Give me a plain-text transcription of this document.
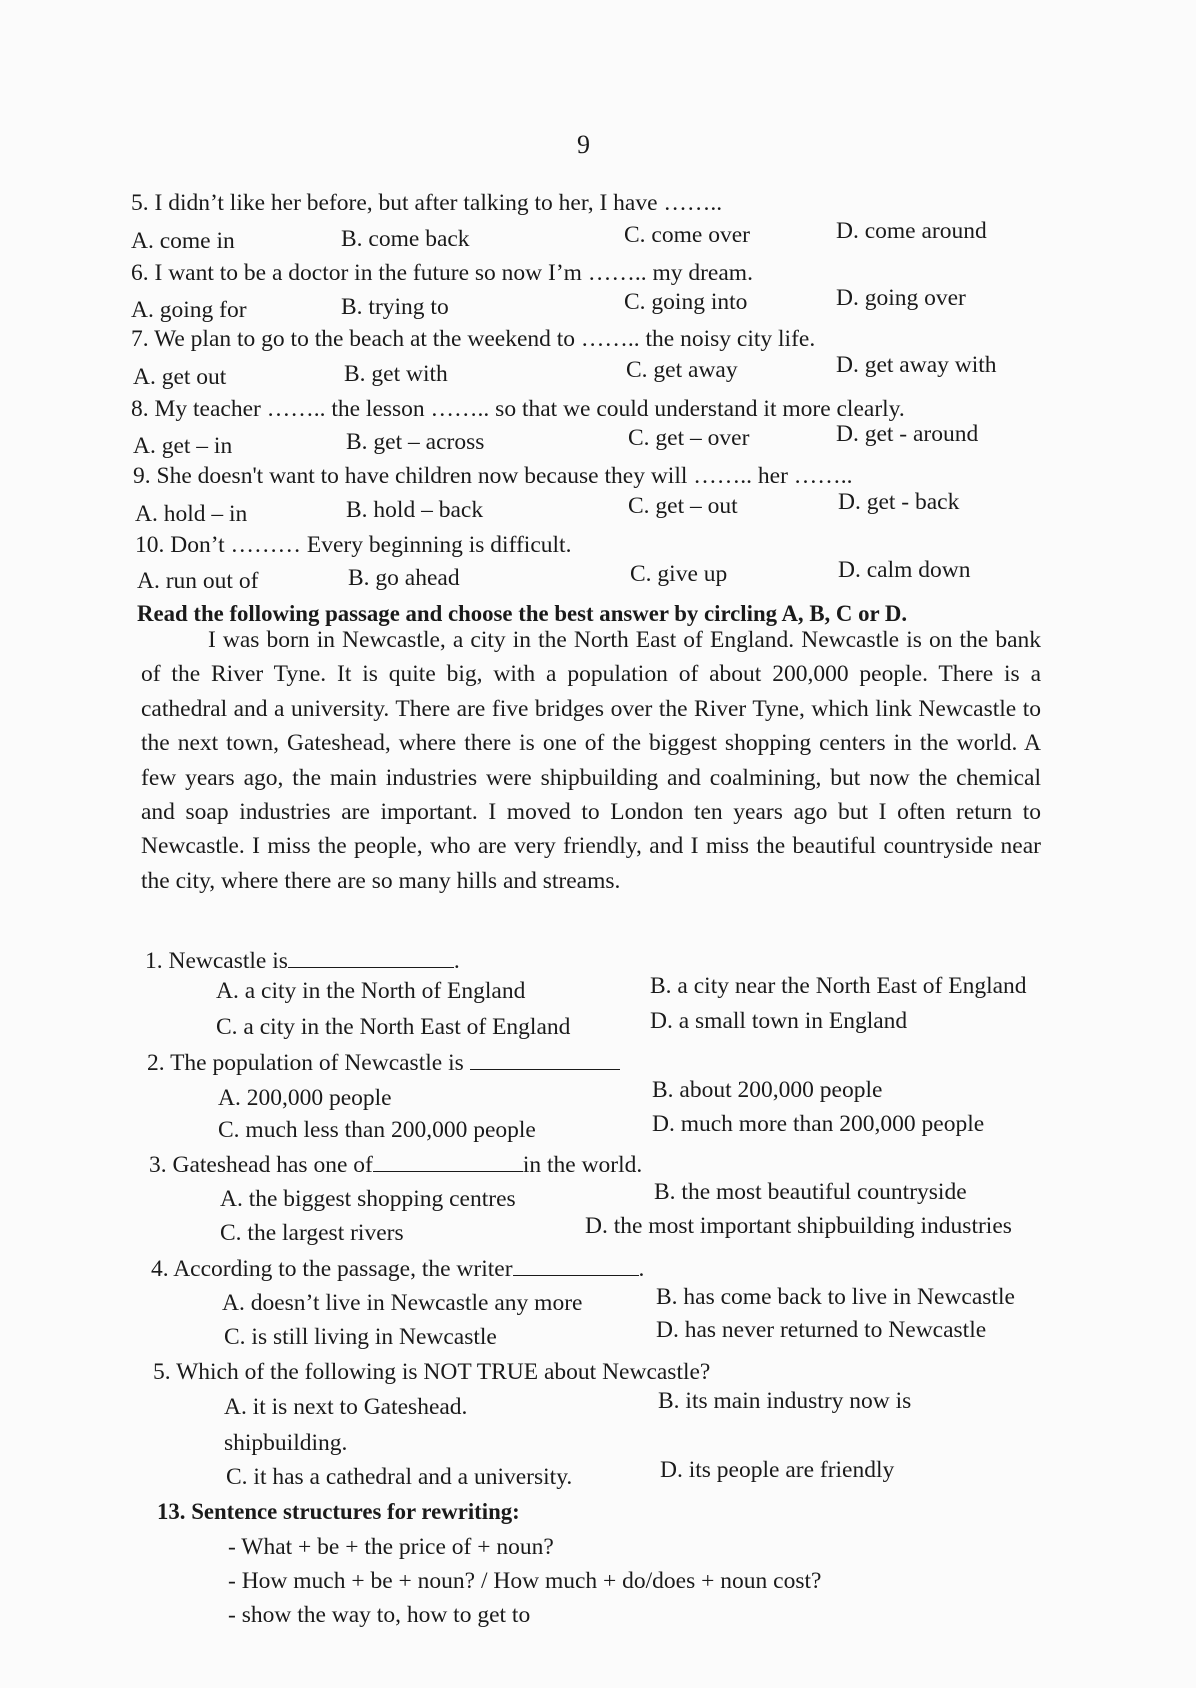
9
5. I didn’t like her before, but after talking to her, I have ……..
A. come in	B. come back	C. come over	D. come around
6. I want to be a doctor in the future so now I’m …….. my dream.
A. going for	B. trying to	C. going into	D. going over
7. We plan to go to the beach at the weekend to …….. the noisy city life.
A. get out	B. get with	C. get away	D. get away with
8. My teacher …….. the lesson …….. so that we could understand it more clearly.
A. get – in	B. get – across	C. get – over	D. get - around
9. She doesn't want to have children now because they will …….. her ……..
A. hold – in	B. hold – back	C. get – out	D. get - back
10. Don’t ……… Every beginning is difficult.
A. run out of	B. go ahead	C. give up	D. calm down
Read the following passage and choose the best answer by circling A, B, C or D.

I was born in Newcastle, a city in the North East of England. Newcastle is on the bank of the River Tyne. It is quite big, with a population of about 200,000 people. There is a cathedral and a university. There are five bridges over the River Tyne, which link Newcastle to the next town, Gateshead, where there is one of the biggest shopping centers in the world. A few years ago, the main industries were shipbuilding and coalmining, but now the chemical and soap industries are important. I moved to London ten years ago but I often return to Newcastle. I miss the people, who are very friendly, and I miss the beautiful countryside near the city, where there are so many hills and streams.

1. Newcastle is	.
A. a city in the North of England	B. a city near the North East of England
C. a city in the North East of England	D. a small town in England
2. The population of Newcastle is
A. 200,000 people	B. about 200,000 people
C. much less than 200,000 people	D. much more than 200,000 people
3. Gateshead has one of	in the world.
A. the biggest shopping centres	B. the most beautiful countryside
C. the largest rivers	D. the most important shipbuilding industries
4. According to the passage, the writer	.
A. doesn’t live in Newcastle any more	B. has come back to live in Newcastle
C. is still living in Newcastle	D. has never returned to Newcastle
5. Which of the following is NOT TRUE about Newcastle?
A. it is next to Gateshead.	B. its main industry now is
shipbuilding.
C. it has a cathedral and a university.	D. its people are friendly
13. Sentence structures for rewriting:
- What + be + the price of + noun?
- How much + be + noun? / How much + do/does + noun cost?
- show the way to, how to get to
